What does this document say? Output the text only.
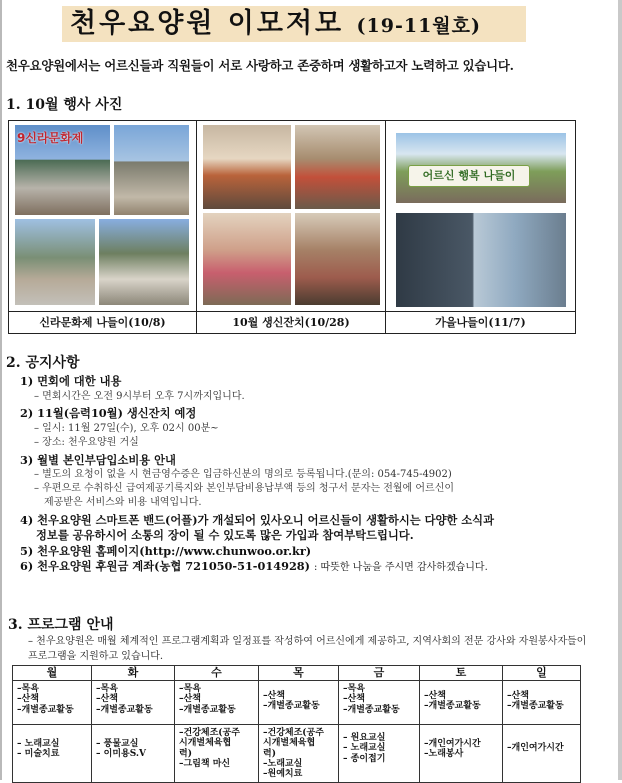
천우요양원 이모저모 (19-11월호)
천우요양원에서는 어르신들과 직원들이 서로 사랑하고 존중하며 생활하고자 노력하고 있습니다.
1. 10월 행사 사진
9신라문화제
어르신 행복 나들이
신라문화제 나들이(10/8)	10월 생신잔치(10/28)	가을나들이(11/7)
2. 공지사항
1) 면회에 대한 내용
– 면회시간은 오전 9시부터 오후 7시까지입니다.
2) 11월(음력10월) 생신잔치 예정
– 일시: 11월 27일(수), 오후 02시 00분~
– 장소: 천우요양원 거실
3) 월별 본인부담입소비용 안내
– 별도의 요청이 없을 시 현금영수증은 입금하신분의 명의로 등록됩니다.(문의: 054-745-4902)
– 우편으로 수취하신 급여제공기록지와 본인부담비용납부액 등의 청구서 문자는 전월에 어르신이
제공받은 서비스와 비용 내역입니다.
4) 천우요양원 스마트폰 밴드(어플)가 개설되어 있사오니 어르신들이 생활하시는 다양한 소식과
정보를 공유하시어 소통의 장이 될 수 있도록 많은 가입과 참여부탁드립니다.
5) 천우요양원 홈페이지(http://www.chunwoo.or.kr)
6) 천우요양원 후원금 계좌(농협 721050-51-014928) : 따뜻한 나눔을 주시면 감사하겠습니다.
3. 프로그램 안내
– 천우요양원은 매월 체계적인 프로그램계획과 일정표를 작성하여 어르신에게 제공하고, 지역사회의 전문 강사와 자원봉사자들이 프로그램을 지원하고 있습니다.
월	화	수	목	금	토	일

–목욕
–산책
–개별종교활동	–목욕
–산책
–개별종교활동	–목욕
–산책
–개별종교활동	–산책
–개별종교활동	–목욕
–산책
–개별종교활동	–산책
–개별종교활동	–산책
–개별종교활동

– 노래교실
– 미술치료	– 풍물교실
– 이미용S.V	–건강체조(공주
시개별체육협
력)
–그림책 마신	–건강체조(공주
시개별체육협
력)
–노래교실
–원예치료	– 원요교실
– 노래교실
– 종이접기	–개인여가시간
–노래봉사	–개인여가시간
